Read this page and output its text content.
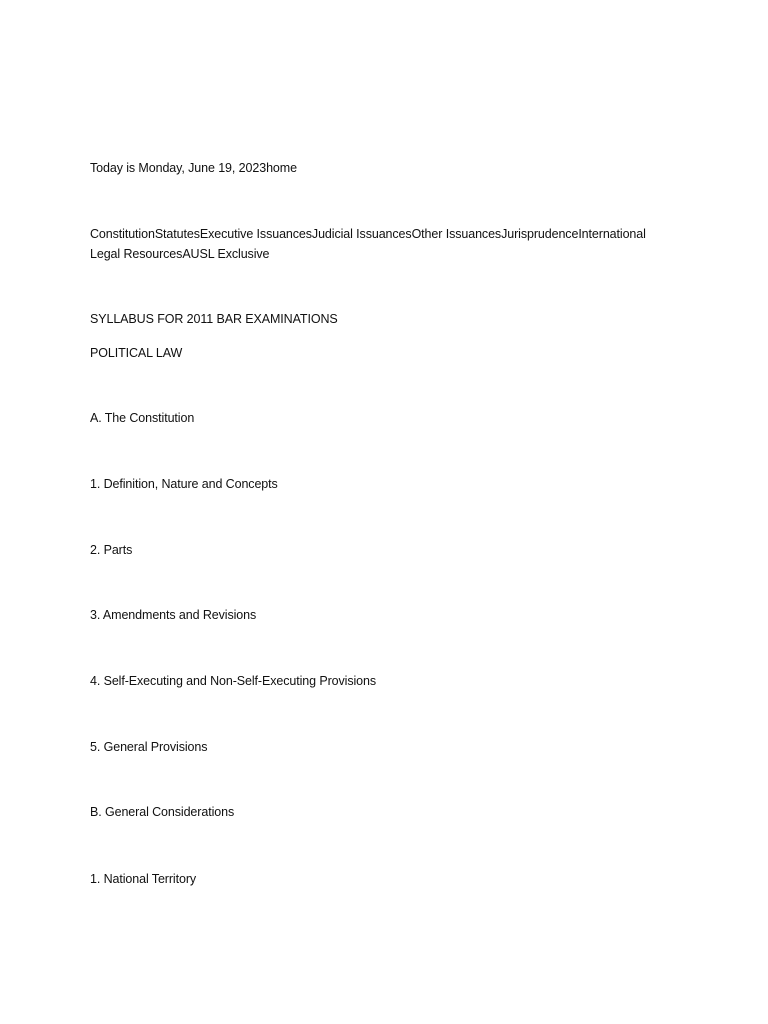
Today is Monday, June 19, 2023home
ConstitutionStatutesExecutive IssuancesJudicial IssuancesOther IssuancesJurisprudenceInternational Legal ResourcesAUSL Exclusive
SYLLABUS FOR 2011 BAR EXAMINATIONS
POLITICAL LAW
A. The Constitution
1. Definition, Nature and Concepts
2. Parts
3. Amendments and Revisions
4. Self-Executing and Non-Self-Executing Provisions
5. General Provisions
B. General Considerations
1. National Territory
